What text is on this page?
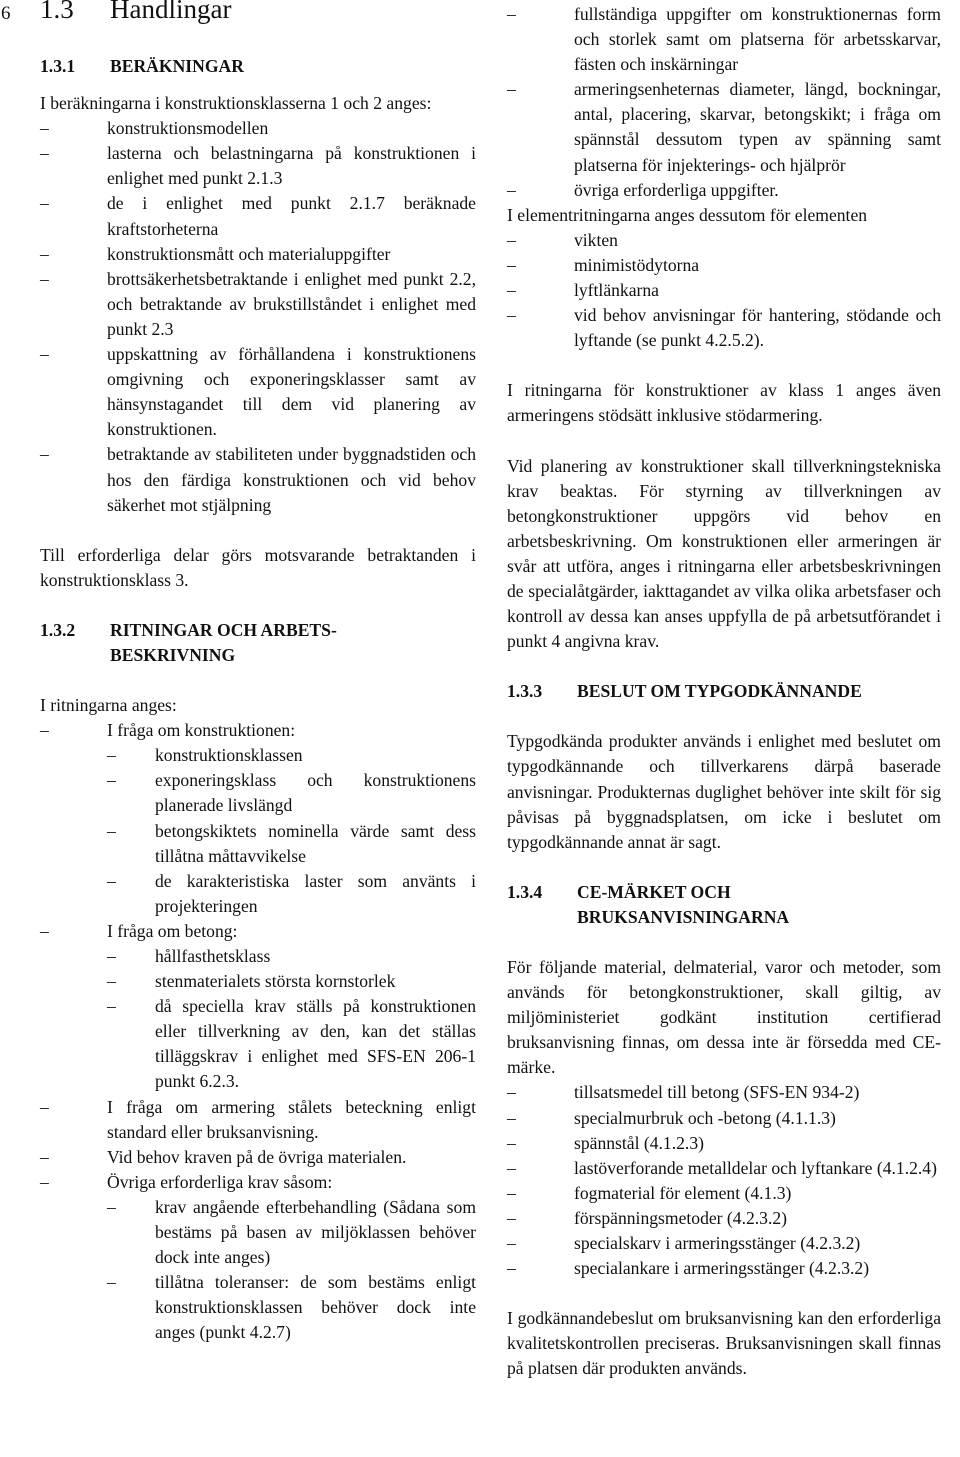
6 1.3 Handlingar
1.3.1 BERÄKNINGAR
I beräkningarna i konstruktionsklasserna 1 och 2 anges:
–	konstruktionsmodellen
–	lasterna och belastningarna på konstruktionen i enlighet med punkt 2.1.3
–	de i enlighet med punkt 2.1.7 beräknade kraftstorheterna
–	konstruktionsmått och materialuppgifter
–	brottsäkerhetsbetraktande i enlighet med punkt 2.2, och betraktande av brukstillståndet i enlighet med punkt 2.3
–	uppskattning av förhållandena i konstruktionens omgivning och exponeringsklasser samt av hänsynstagandet till dem vid planering av konstruktionen.
–	betraktande av stabiliteten under byggnadstiden och hos den färdiga konstruktionen och vid behov säkerhet mot stjälpning
Till erforderliga delar görs motsvarande betraktanden i konstruktionsklass 3.
1.3.2 RITNINGAR OCH ARBETS-
BESKRIVNING
I ritningarna anges:
–	I fråga om konstruktionen:
– konstruktionsklassen
– exponeringsklass och konstruktionens planerade livslängd
– betongskiktets nominella värde samt dess tillåtna måttavvikelse
– de karakteristiska laster som använts i projekteringen
–	I fråga om betong:
– hållfasthetsklass
– stenmaterialets största kornstorlek
– då speciella krav ställs på konstruktionen eller tillverkning av den, kan det ställas tilläggskrav i enlighet med SFS-EN 206-1 punkt 6.2.3.
–	I fråga om armering stålets beteckning enligt standard eller bruksanvisning.
–	Vid behov kraven på de övriga materialen.
–	Övriga erforderliga krav såsom:
– krav angående efterbehandling (Sådana som bestäms på basen av miljöklassen behöver dock inte anges)
– tillåtna toleranser: de som bestäms enligt konstruktionsklassen behöver dock inte anges (punkt 4.2.7)
–	fullständiga uppgifter om konstruktionernas form och storlek samt om platserna för arbetsskarvar, fästen och inskärningar
–	armeringsenheternas diameter, längd, bockningar, antal, placering, skarvar, betongskikt; i fråga om spännstål dessutom typen av spänning samt platserna för injekterings- och hjälprör
–	övriga erforderliga uppgifter.
I elementritningarna anges dessutom för elementen
–	vikten
–	minimistödytorna
–	lyftlänkarna
–	vid behov anvisningar för hantering, stödande och lyftande (se punkt 4.2.5.2).
I ritningarna för konstruktioner av klass 1 anges även armeringens stödsätt inklusive stödarmering.
Vid planering av konstruktioner skall tillverkningstekniska krav beaktas. För styrning av tillverkningen av betongkonstruktioner uppgörs vid behov en arbetsbeskrivning. Om konstruktionen eller armeringen är svår att utföra, anges i ritningarna eller arbetsbeskrivningen de specialåtgärder, iakttagandet av vilka olika arbetsfaser och kontroll av dessa kan anses uppfylla de på arbetsutförandet i punkt 4 angivna krav.
1.3.3 BESLUT OM TYPGODKÄNNANDE
Typgodkända produkter används i enlighet med beslutet om typgodkännande och tillverkarens därpå baserade anvisningar. Produkternas duglighet behöver inte skilt för sig påvisas på byggnadsplatsen, om icke i beslutet om typgodkännande annat är sagt.
1.3.4 CE-MÄRKET OCH
BRUKSANVISNINGARNA
För följande material, delmaterial, varor och metoder, som används för betongkonstruktioner, skall giltig, av miljöministeriet godkänt institution certifierad bruksanvisning finnas, om dessa inte är försedda med CE-märke.
–	tillsatsmedel till betong (SFS-EN 934-2)
–	specialmurbruk och -betong (4.1.1.3)
–	spännstål (4.1.2.3)
–	lastöverforande metalldelar och lyftankare (4.1.2.4)
–	fogmaterial för element (4.1.3)
–	förspänningsmetoder (4.2.3.2)
–	specialskarv i armeringsstänger (4.2.3.2)
–	specialankare i armeringsstänger (4.2.3.2)
I godkännandebeslut om bruksanvisning kan den erforderliga kvalitetskontrollen preciseras. Bruksanvisningen skall finnas på platsen där produkten används.
